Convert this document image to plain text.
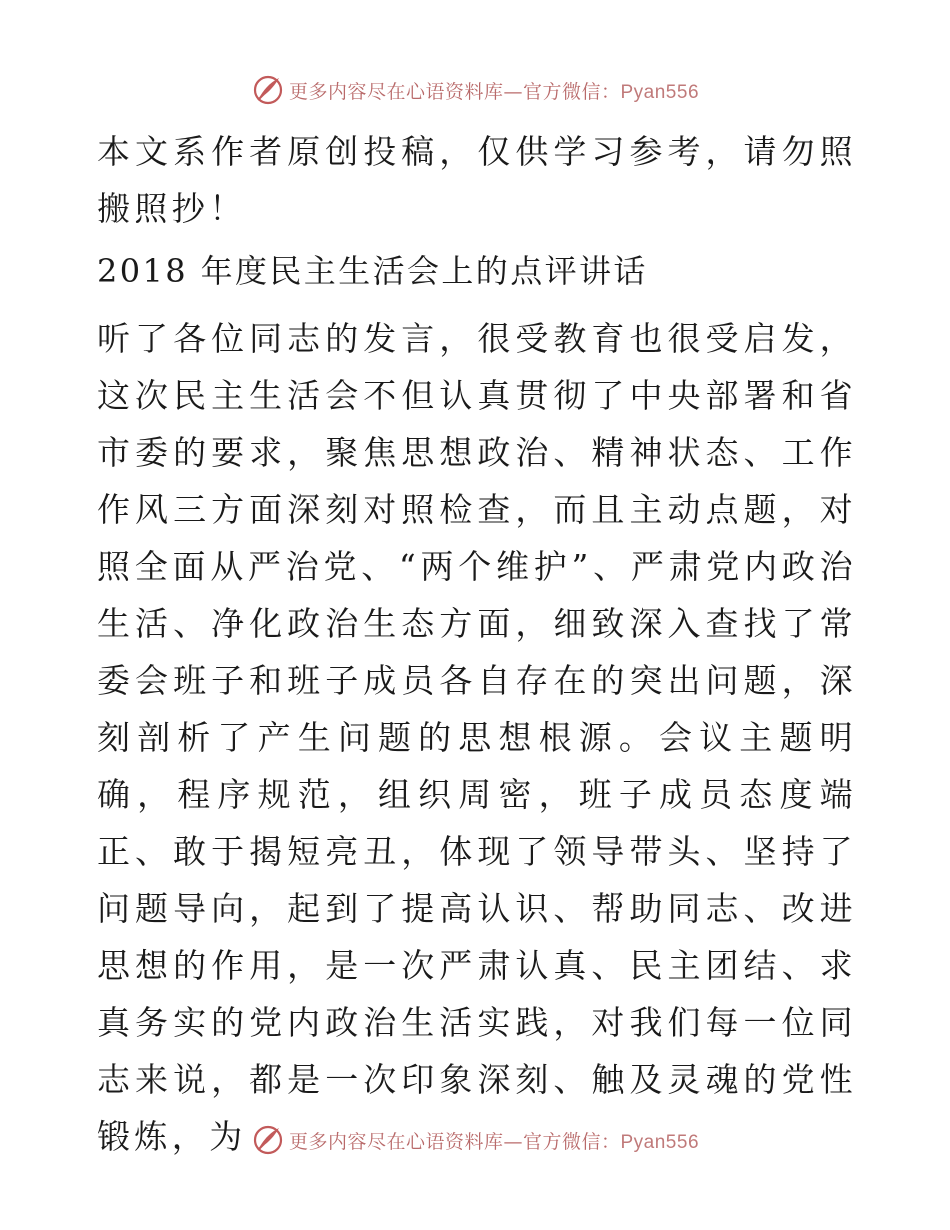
更多内容尽在心语资料库—官方微信：Pyan556

本文系作者原创投稿，仅供学习参考，请勿照搬照抄！

2018 年度民主生活会上的点评讲话

听了各位同志的发言，很受教育也很受启发，这次民主生活会不但认真贯彻了中央部署和省市委的要求，聚焦思想政治、精神状态、工作作风三方面深刻对照检查，而且主动点题，对照全面从严治党、“两个维护”、严肃党内政治生活、净化政治生态方面，细致深入查找了常委会班子和班子成员各自存在的突出问题，深刻剖析了产生问题的思想根源。会议主题明确，程序规范，组织周密，班子成员态度端正、敢于揭短亮丑，体现了领导带头、坚持了问题导向，起到了提高认识、帮助同志、改进思想的作用，是一次严肃认真、民主团结、求真务实的党内政治生活实践，对我们每一位同志来说，都是一次印象深刻、触及灵魂的党性锻炼，为	更多内容尽在心语资料库—官方微信：Pyan556
